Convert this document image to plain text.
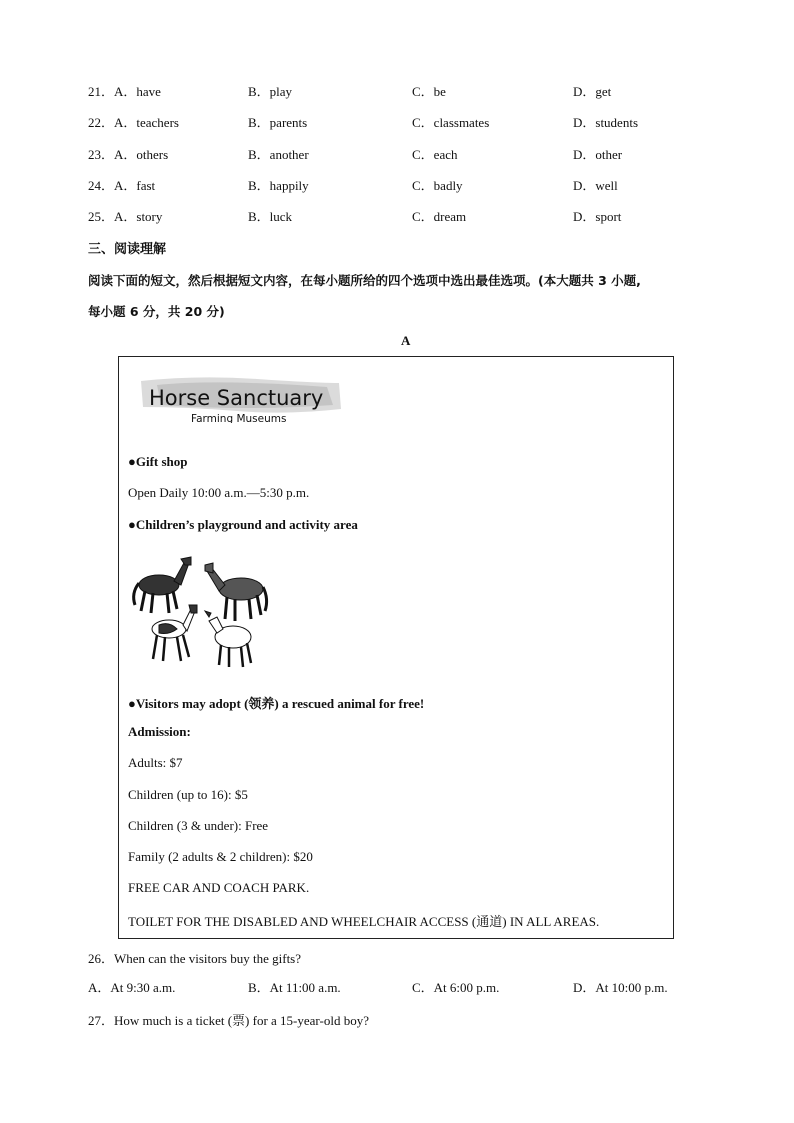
21． A．have	B．play	C．be	D．get
22． A．teachers	B．parents	C．classmates	D．students
23． A．others	B．another	C．each	D．other
24． A．fast	B．happily	C．badly	D．well
25． A．story	B．luck	C．dream	D．sport
三、阅读理解
阅读下面的短文，然后根据短文内容，在每小题所给的四个选项中选出最佳选项。(本大题共 3 小题,
每小题 6 分，共 20 分)
A
Horse Sanctuary
Farming Museums
●Gift shop
Open Daily 10:00 a.m.—5:30 p.m.
●Children’s playground and activity area
●Visitors may adopt (领养) a rescued animal for free!
Admission:
Adults: $7
Children (up to 16): $5
Children (3 & under): Free
Family (2 adults & 2 children): $20
FREE CAR AND COACH PARK.
TOILET FOR THE DISABLED AND WHEELCHAIR ACCESS (通道) IN ALL AREAS.
26．When can the visitors buy the gifts?
A．At 9:30 a.m.	B．At 11:00 a.m.	C．At 6:00 p.m.	D．At 10:00 p.m.
27．How much is a ticket (票) for a 15-year-old boy?
